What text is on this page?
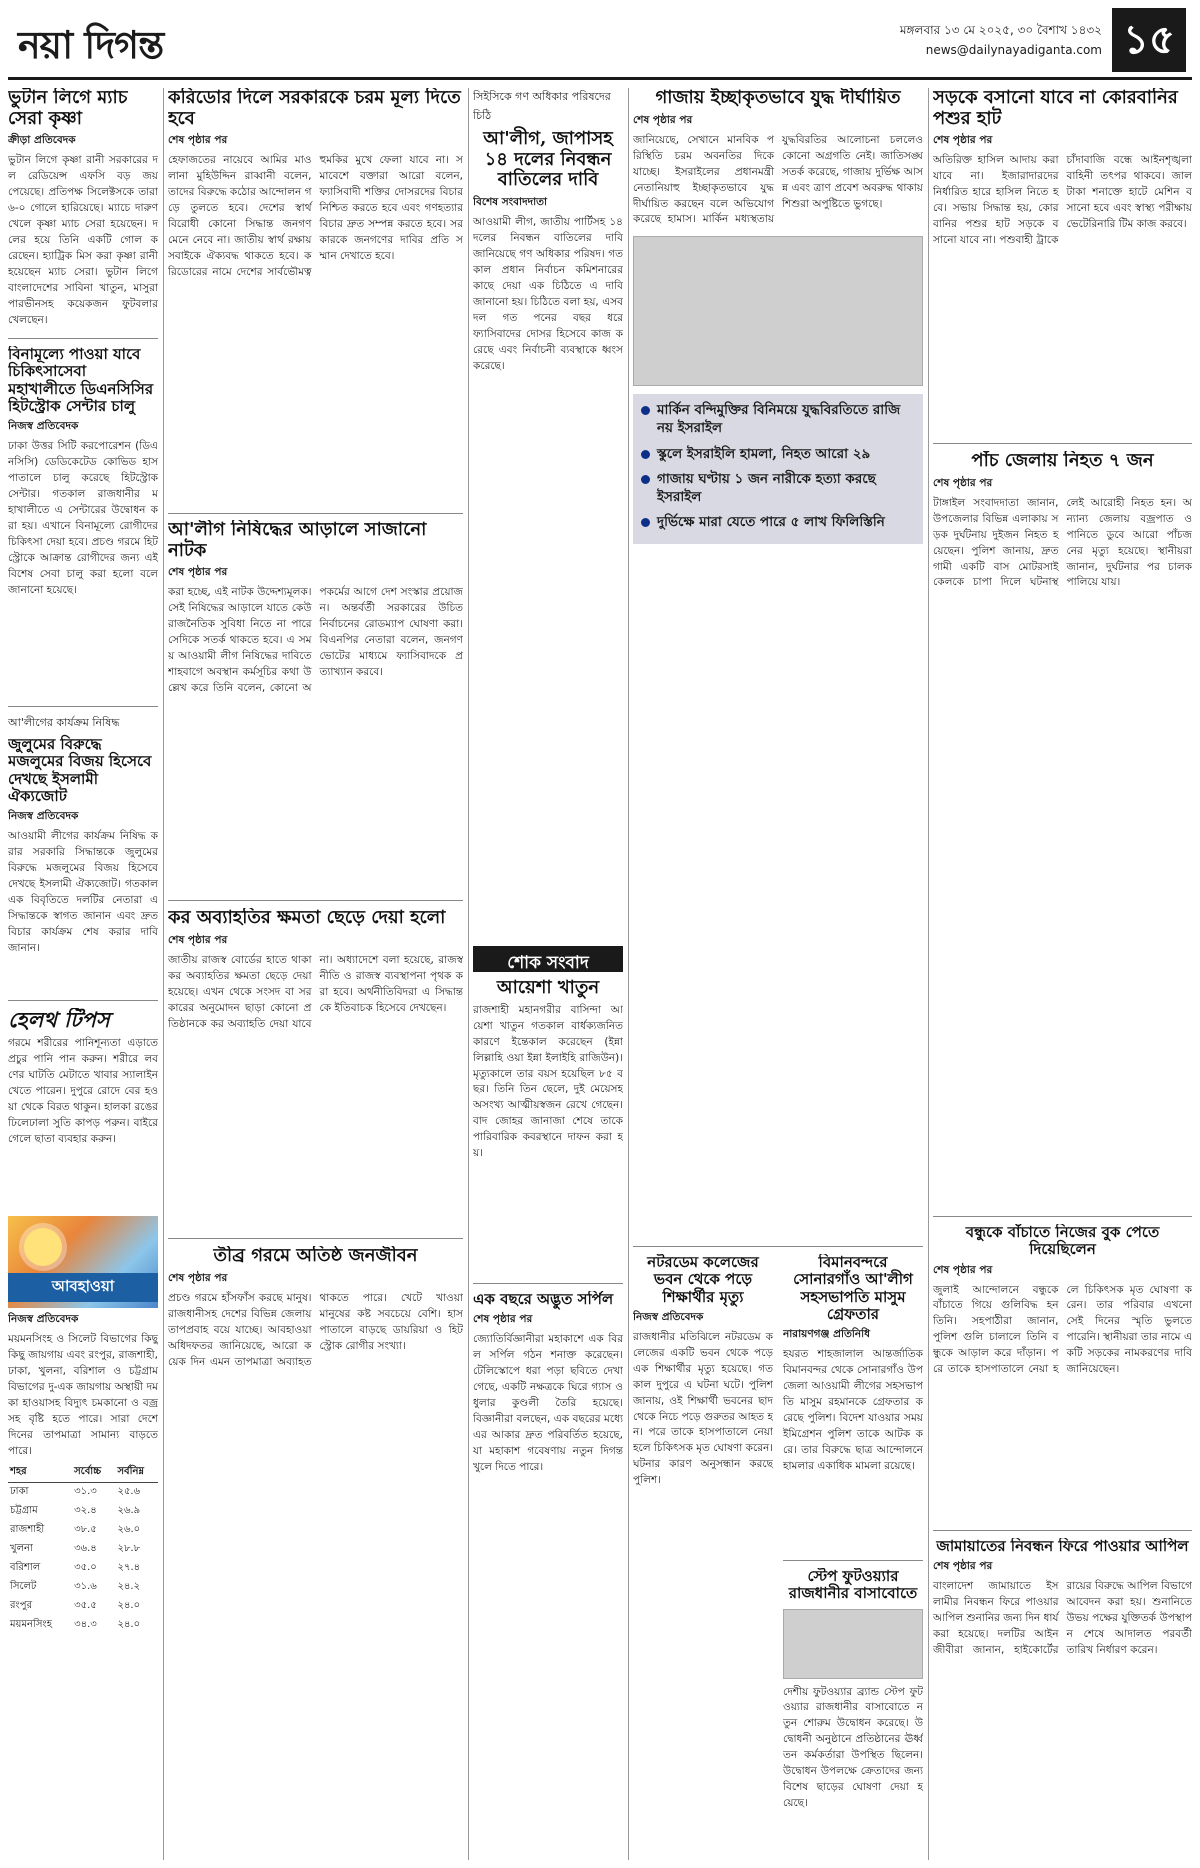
নয়া দিগন্ত	মঙ্গলবার ১৩ মে ২০২৫, ৩০ বৈশাখ ১৪৩২
news@dailynayadiganta.com ১৫
ভুটান লিগে ম্যাচ সেরা কৃষ্ণা
ক্রীড়া প্রতিবেদক
ভুটান লিগে কৃষ্ণা রানী সরকারের দল রেডিয়েন্স এফসি বড় জয় পেয়েছে। প্রতিপক্ষ সিলেক্টসকে তারা ৬-০ গোলে হারিয়েছে। ম্যাচে দারুণ খেলে কৃষ্ণা ম্যাচ সেরা হয়েছেন। দলের হয়ে তিনি একটি গোল করেছেন। হ্যাট্রিক মিস করা কৃষ্ণা রানী হয়েছেন ম্যাচ সেরা। ভুটান লিগে বাংলাদেশের সাবিনা খাতুন, মাসুরা পারভীনসহ কয়েকজন ফুটবলার খেলছেন।
বিনামূল্যে পাওয়া যাবে চিকিৎসাসেবা মহাখালীতে ডিএনসিসির হিটস্ট্রোক সেন্টার চালু
নিজস্ব প্রতিবেদক
ঢাকা উত্তর সিটি করপোরেশন (ডিএনসিসি) ডেডিকেটেড কোভিড হাসপাতালে চালু করেছে হিটস্ট্রোক সেন্টার। গতকাল রাজধানীর মহাখালীতে এ সেন্টারের উদ্বোধন করা হয়। এখানে বিনামূল্যে রোগীদের চিকিৎসা দেয়া হবে। প্রচণ্ড গরমে হিটস্ট্রোকে আক্রান্ত রোগীদের জন্য এই বিশেষ সেবা চালু করা হলো বলে জানানো হয়েছে।
আ'লীগের কার্যক্রম নিষিদ্ধ
জুলুমের বিরুদ্ধে মজলুমের বিজয় হিসেবে দেখছে ইসলামী ঐক্যজোট
নিজস্ব প্রতিবেদক
আওয়ামী লীগের কার্যক্রম নিষিদ্ধ করার সরকারি সিদ্ধান্তকে জুলুমের বিরুদ্ধে মজলুমের বিজয় হিসেবে দেখছে ইসলামী ঐক্যজোট। গতকাল এক বিবৃতিতে দলটির নেতারা এ সিদ্ধান্তকে স্বাগত জানান এবং দ্রুত বিচার কার্যক্রম শেষ করার দাবি জানান।
হেলথ টিপস
গরমে শরীরের পানিশূন্যতা এড়াতে প্রচুর পানি পান করুন। শরীরে লবণের ঘাটতি মেটাতে খাবার স্যালাইন খেতে পারেন। দুপুরে রোদে বের হওয়া থেকে বিরত থাকুন। হালকা রঙের ঢিলেঢালা সুতি কাপড় পরুন। বাইরে গেলে ছাতা ব্যবহার করুন।
আবহাওয়া
নিজস্ব প্রতিবেদক
ময়মনসিংহ ও সিলেট বিভাগের কিছু কিছু জায়গায় এবং রংপুর, রাজশাহী, ঢাকা, খুলনা, বরিশাল ও চট্টগ্রাম বিভাগের দু-এক জায়গায় অস্থায়ী দমকা হাওয়াসহ বিদ্যুৎ চমকানো ও বজ্রসহ বৃষ্টি হতে পারে। সারা দেশে দিনের তাপমাত্রা সামান্য বাড়তে পারে।
শহর	সর্বোচ্চ	সর্বনিম্ন
ঢাকা	৩১.৩	২৫.৬
চট্টগ্রাম	৩২.৪	২৬.৯
রাজশাহী	৩৮.৫	২৬.০
খুলনা	৩৬.৪	২৮.৮
বরিশাল	৩৫.০	২৭.৪
সিলেট	৩১.৬	২৪.২
রংপুর	৩৫.৫	২৪.০
ময়মনসিংহ	৩৪.৩	২৪.০
করিডোর দিলে সরকারকে চরম মূল্য দিতে হবে
শেষ পৃষ্ঠার পর
হেফাজতের নায়েবে আমির মাওলানা মুহিউদ্দিন রাব্বানী বলেন, তাদের বিরুদ্ধে কঠোর আন্দোলন গড়ে তুলতে হবে। দেশের স্বার্থবিরোধী কোনো সিদ্ধান্ত জনগণ মেনে নেবে না। জাতীয় স্বার্থ রক্ষায় সবাইকে ঐক্যবদ্ধ থাকতে হবে। করিডোরের নামে দেশের সার্বভৌমত্ব হুমকির মুখে ফেলা যাবে না। সমাবেশে বক্তারা আরো বলেন, ফ্যাসিবাদী শক্তির দোসরদের বিচার নিশ্চিত করতে হবে এবং গণহত্যার বিচার দ্রুত সম্পন্ন করতে হবে। সরকারকে জনগণের দাবির প্রতি সম্মান দেখাতে হবে।
আ'লীগ নিষিদ্ধের আড়ালে সাজানো নাটক
শেষ পৃষ্ঠার পর
করা হচ্ছে, এই নাটক উদ্দেশ্যমূলক। সেই নিষিদ্ধের আড়ালে যাতে কেউ রাজনৈতিক সুবিধা নিতে না পারে সেদিকে সতর্ক থাকতে হবে। এ সময় আওয়ামী লীগ নিষিদ্ধের দাবিতে শাহবাগে অবস্থান কর্মসূচির কথা উল্লেখ করে তিনি বলেন, কোনো অপকর্মের আগে দেশ সংস্কার প্রয়োজন। অন্তর্বর্তী সরকারের উচিত নির্বাচনের রোডম্যাপ ঘোষণা করা। বিএনপির নেতারা বলেন, জনগণ ভোটের মাধ্যমে ফ্যাসিবাদকে প্রত্যাখ্যান করবে।
কর অব্যাহতির ক্ষমতা ছেড়ে দেয়া হলো
শেষ পৃষ্ঠার পর
জাতীয় রাজস্ব বোর্ডের হাতে থাকা কর অব্যাহতির ক্ষমতা ছেড়ে দেয়া হয়েছে। এখন থেকে সংসদ বা সরকারের অনুমোদন ছাড়া কোনো প্রতিষ্ঠানকে কর অব্যাহতি দেয়া যাবে না। অধ্যাদেশে বলা হয়েছে, রাজস্ব নীতি ও রাজস্ব ব্যবস্থাপনা পৃথক করা হবে। অর্থনীতিবিদরা এ সিদ্ধান্তকে ইতিবাচক হিসেবে দেখছেন।
তীব্র গরমে অতিষ্ঠ জনজীবন
শেষ পৃষ্ঠার পর
প্রচণ্ড গরমে হাঁসফাঁস করছে মানুষ। রাজধানীসহ দেশের বিভিন্ন জেলায় তাপপ্রবাহ বয়ে যাচ্ছে। আবহাওয়া অধিদফতর জানিয়েছে, আরো কয়েক দিন এমন তাপমাত্রা অব্যাহত থাকতে পারে। খেটে খাওয়া মানুষের কষ্ট সবচেয়ে বেশি। হাসপাতালে বাড়ছে ডায়রিয়া ও হিটস্ট্রোক রোগীর সংখ্যা।
সিইসিকে গণ অধিকার পরিষদের চিঠি
আ'লীগ, জাপাসহ ১৪ দলের নিবন্ধন বাতিলের দাবি
বিশেষ সংবাদদাতা
আওয়ামী লীগ, জাতীয় পার্টিসহ ১৪ দলের নিবন্ধন বাতিলের দাবি জানিয়েছে গণ অধিকার পরিষদ। গতকাল প্রধান নির্বাচন কমিশনারের কাছে দেয়া এক চিঠিতে এ দাবি জানানো হয়। চিঠিতে বলা হয়, এসব দল গত পনের বছর ধরে ফ্যাসিবাদের দোসর হিসেবে কাজ করেছে এবং নির্বাচনী ব্যবস্থাকে ধ্বংস করেছে।
শোক সংবাদ
আয়েশা খাতুন
রাজশাহী মহানগরীর বাসিন্দা আয়েশা খাতুন গতকাল বার্ধক্যজনিত কারণে ইন্তেকাল করেছেন (ইন্না লিল্লাহি ওয়া ইন্না ইলাইহি রাজিউন)। মৃত্যুকালে তার বয়স হয়েছিল ৮৫ বছর। তিনি তিন ছেলে, দুই মেয়েসহ অসংখ্য আত্মীয়স্বজন রেখে গেছেন। বাদ জোহর জানাজা শেষে তাকে পারিবারিক কবরস্থানে দাফন করা হয়।
এক বছরে অদ্ভুত সর্পিল
শেষ পৃষ্ঠার পর
জ্যোতির্বিজ্ঞানীরা মহাকাশে এক বিরল সর্পিল গঠন শনাক্ত করেছেন। টেলিস্কোপে ধরা পড়া ছবিতে দেখা গেছে, একটি নক্ষত্রকে ঘিরে গ্যাস ও ধুলার কুণ্ডলী তৈরি হয়েছে। বিজ্ঞানীরা বলছেন, এক বছরের মধ্যে এর আকার দ্রুত পরিবর্তিত হয়েছে, যা মহাকাশ গবেষণায় নতুন দিগন্ত খুলে দিতে পারে।
গাজায় ইচ্ছাকৃতভাবে যুদ্ধ দীর্ঘায়িত
শেষ পৃষ্ঠার পর
জানিয়েছে, সেখানে মানবিক পরিস্থিতি চরম অবনতির দিকে যাচ্ছে। ইসরাইলের প্রধানমন্ত্রী নেতানিয়াহু ইচ্ছাকৃতভাবে যুদ্ধ দীর্ঘায়িত করছেন বলে অভিযোগ করেছে হামাস। মার্কিন মধ্যস্থতায় যুদ্ধবিরতির আলোচনা চললেও কোনো অগ্রগতি নেই। জাতিসঙ্ঘ সতর্ক করেছে, গাজায় দুর্ভিক্ষ আসন্ন এবং ত্রাণ প্রবেশ অবরুদ্ধ থাকায় শিশুরা অপুষ্টিতে ভুগছে।
মার্কিন বন্দিমুক্তির বিনিময়ে যুদ্ধবিরতিতে রাজি নয় ইসরাইল
স্কুলে ইসরাইলি হামলা, নিহত আরো ২৯
গাজায় ঘণ্টায় ১ জন নারীকে হত্যা করছে ইসরাইল
দুর্ভিক্ষে মারা যেতে পারে ৫ লাখ ফিলিস্তিনি
নটরডেম কলেজের ভবন থেকে পড়ে শিক্ষার্থীর মৃত্যু
নিজস্ব প্রতিবেদক
রাজধানীর মতিঝিলে নটরডেম কলেজের একটি ভবন থেকে পড়ে এক শিক্ষার্থীর মৃত্যু হয়েছে। গতকাল দুপুরে এ ঘটনা ঘটে। পুলিশ জানায়, ওই শিক্ষার্থী ভবনের ছাদ থেকে নিচে পড়ে গুরুতর আহত হন। পরে তাকে হাসপাতালে নেয়া হলে চিকিৎসক মৃত ঘোষণা করেন। ঘটনার কারণ অনুসন্ধান করছে পুলিশ।
বিমানবন্দরে সোনারগাঁও আ'লীগ সহসভাপতি মাসুম গ্রেফতার
নারায়ণগঞ্জ প্রতিনিধি
হযরত শাহজালাল আন্তর্জাতিক বিমানবন্দর থেকে সোনারগাঁও উপজেলা আওয়ামী লীগের সহসভাপতি মাসুম রহমানকে গ্রেফতার করেছে পুলিশ। বিদেশ যাওয়ার সময় ইমিগ্রেশন পুলিশ তাকে আটক করে। তার বিরুদ্ধে ছাত্র আন্দোলনে হামলার একাধিক মামলা রয়েছে।
স্টেপ ফুটওয়্যার রাজধানীর বাসাবোতে
দেশীয় ফুটওয়্যার ব্র্যান্ড স্টেপ ফুটওয়্যার রাজধানীর বাসাবোতে নতুন শোরুম উদ্বোধন করেছে। উদ্বোধনী অনুষ্ঠানে প্রতিষ্ঠানের ঊর্ধ্বতন কর্মকর্তারা উপস্থিত ছিলেন। উদ্বোধন উপলক্ষে ক্রেতাদের জন্য বিশেষ ছাড়ের ঘোষণা দেয়া হয়েছে।
সড়কে বসানো যাবে না কোরবানির পশুর হাট
শেষ পৃষ্ঠার পর
অতিরিক্ত হাসিল আদায় করা যাবে না। ইজারাদারদের নির্ধারিত হারে হাসিল নিতে হবে। সভায় সিদ্ধান্ত হয়, কোরবানির পশুর হাট সড়কে বসানো যাবে না। পশুবাহী ট্রাকে চাঁদাবাজি বন্ধে আইনশৃঙ্খলা বাহিনী তৎপর থাকবে। জাল টাকা শনাক্তে হাটে মেশিন বসানো হবে এবং স্বাস্থ্য পরীক্ষায় ভেটেরিনারি টিম কাজ করবে।
পাঁচ জেলায় নিহত ৭ জন
শেষ পৃষ্ঠার পর
টাঙ্গাইল সংবাদদাতা জানান, উপজেলার বিভিন্ন এলাকায় সড়ক দুর্ঘটনায় দুইজন নিহত হয়েছেন। পুলিশ জানায়, দ্রুতগামী একটি বাস মোটরসাইকেলকে চাপা দিলে ঘটনাস্থলেই আরোহী নিহত হন। অন্যান্য জেলায় বজ্রপাত ও পানিতে ডুবে আরো পাঁচজনের মৃত্যু হয়েছে। স্থানীয়রা জানান, দুর্ঘটনার পর চালক পালিয়ে যায়।
বন্ধুকে বাঁচাতে নিজের বুক পেতে দিয়েছিলেন
শেষ পৃষ্ঠার পর
জুলাই আন্দোলনে বন্ধুকে বাঁচাতে গিয়ে গুলিবিদ্ধ হন তিনি। সহপাঠীরা জানান, পুলিশ গুলি চালালে তিনি বন্ধুকে আড়াল করে দাঁড়ান। পরে তাকে হাসপাতালে নেয়া হলে চিকিৎসক মৃত ঘোষণা করেন। তার পরিবার এখনো সেই দিনের স্মৃতি ভুলতে পারেনি। স্থানীয়রা তার নামে একটি সড়কের নামকরণের দাবি জানিয়েছেন।
জামায়াতের নিবন্ধন ফিরে পাওয়ার আপিল
শেষ পৃষ্ঠার পর
বাংলাদেশ জামায়াতে ইসলামীর নিবন্ধন ফিরে পাওয়ার আপিল শুনানির জন্য দিন ধার্য করা হয়েছে। দলটির আইনজীবীরা জানান, হাইকোর্টের রায়ের বিরুদ্ধে আপিল বিভাগে আবেদন করা হয়। শুনানিতে উভয় পক্ষের যুক্তিতর্ক উপস্থাপন শেষে আদালত পরবর্তী তারিখ নির্ধারণ করেন।
